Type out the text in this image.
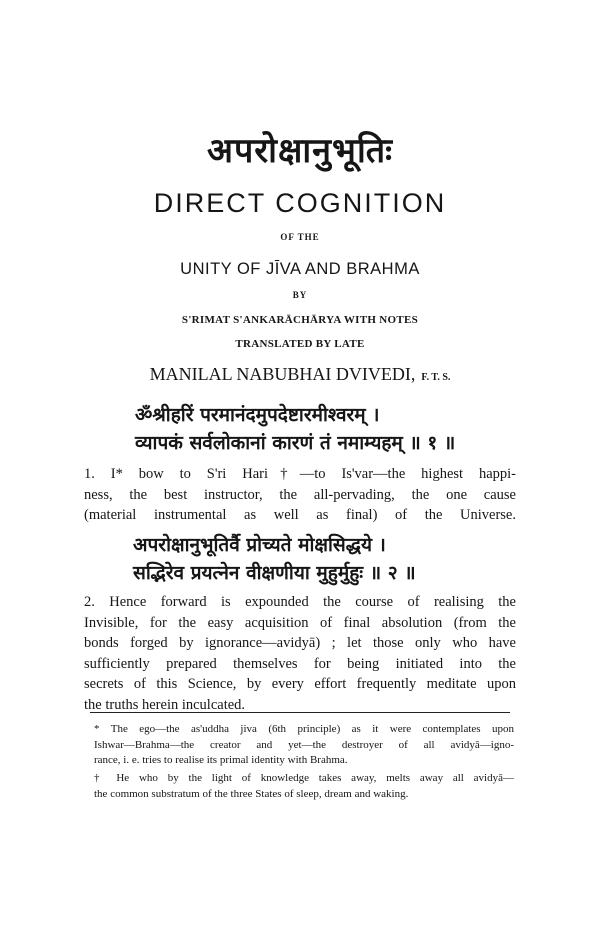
अपरोक्षानुभूतिः
DIRECT COGNITION
OF THE
UNITY OF JĪVA AND BRAHMA
BY
S'RIMAT S'ANKARĀCHĀRYA WITH NOTES
TRANSLATED BY LATE
MANILAL NABUBHAI DVIVEDI, F. T. S.
ॐश्रीहरिं परमानंदमुपदेष्टारमीश्वरम् ।
व्यापकं सर्वलोकानां कारणं तं नमाम्यहम् ॥ १ ॥
1. I* bow to S'ri Hari†—to Is'var—the highest happi-
ness, the best instructor, the all-pervading, the one cause
(material instrumental as well as final) of the Universe.
अपरोक्षानुभूतिर्वै प्रोच्यते मोक्षसिद्धये ।
सद्भिरेव प्रयत्नेन वीक्षणीया मुहुर्मुहुः ॥ २ ॥
2. Hence forward is expounded the course of realising the
Invisible, for the easy acquisition of final absolution (from the
bonds forged by ignorance—avidyā) ; let those only who have
sufficiently prepared themselves for being initiated into the
secrets of this Science, by every effort frequently meditate upon
the truths herein inculcated.
* The ego—the as'uddha jiva (6th principle) as it were contemplates upon
Ishwar—Brahma—the creator and yet—the destroyer of all avidyā—igno-
rance, i. e. tries to realise its primal identity with Brahma.
† He who by the light of knowledge takes away, melts away all avidyā—
the common substratum of the three States of sleep, dream and waking.
